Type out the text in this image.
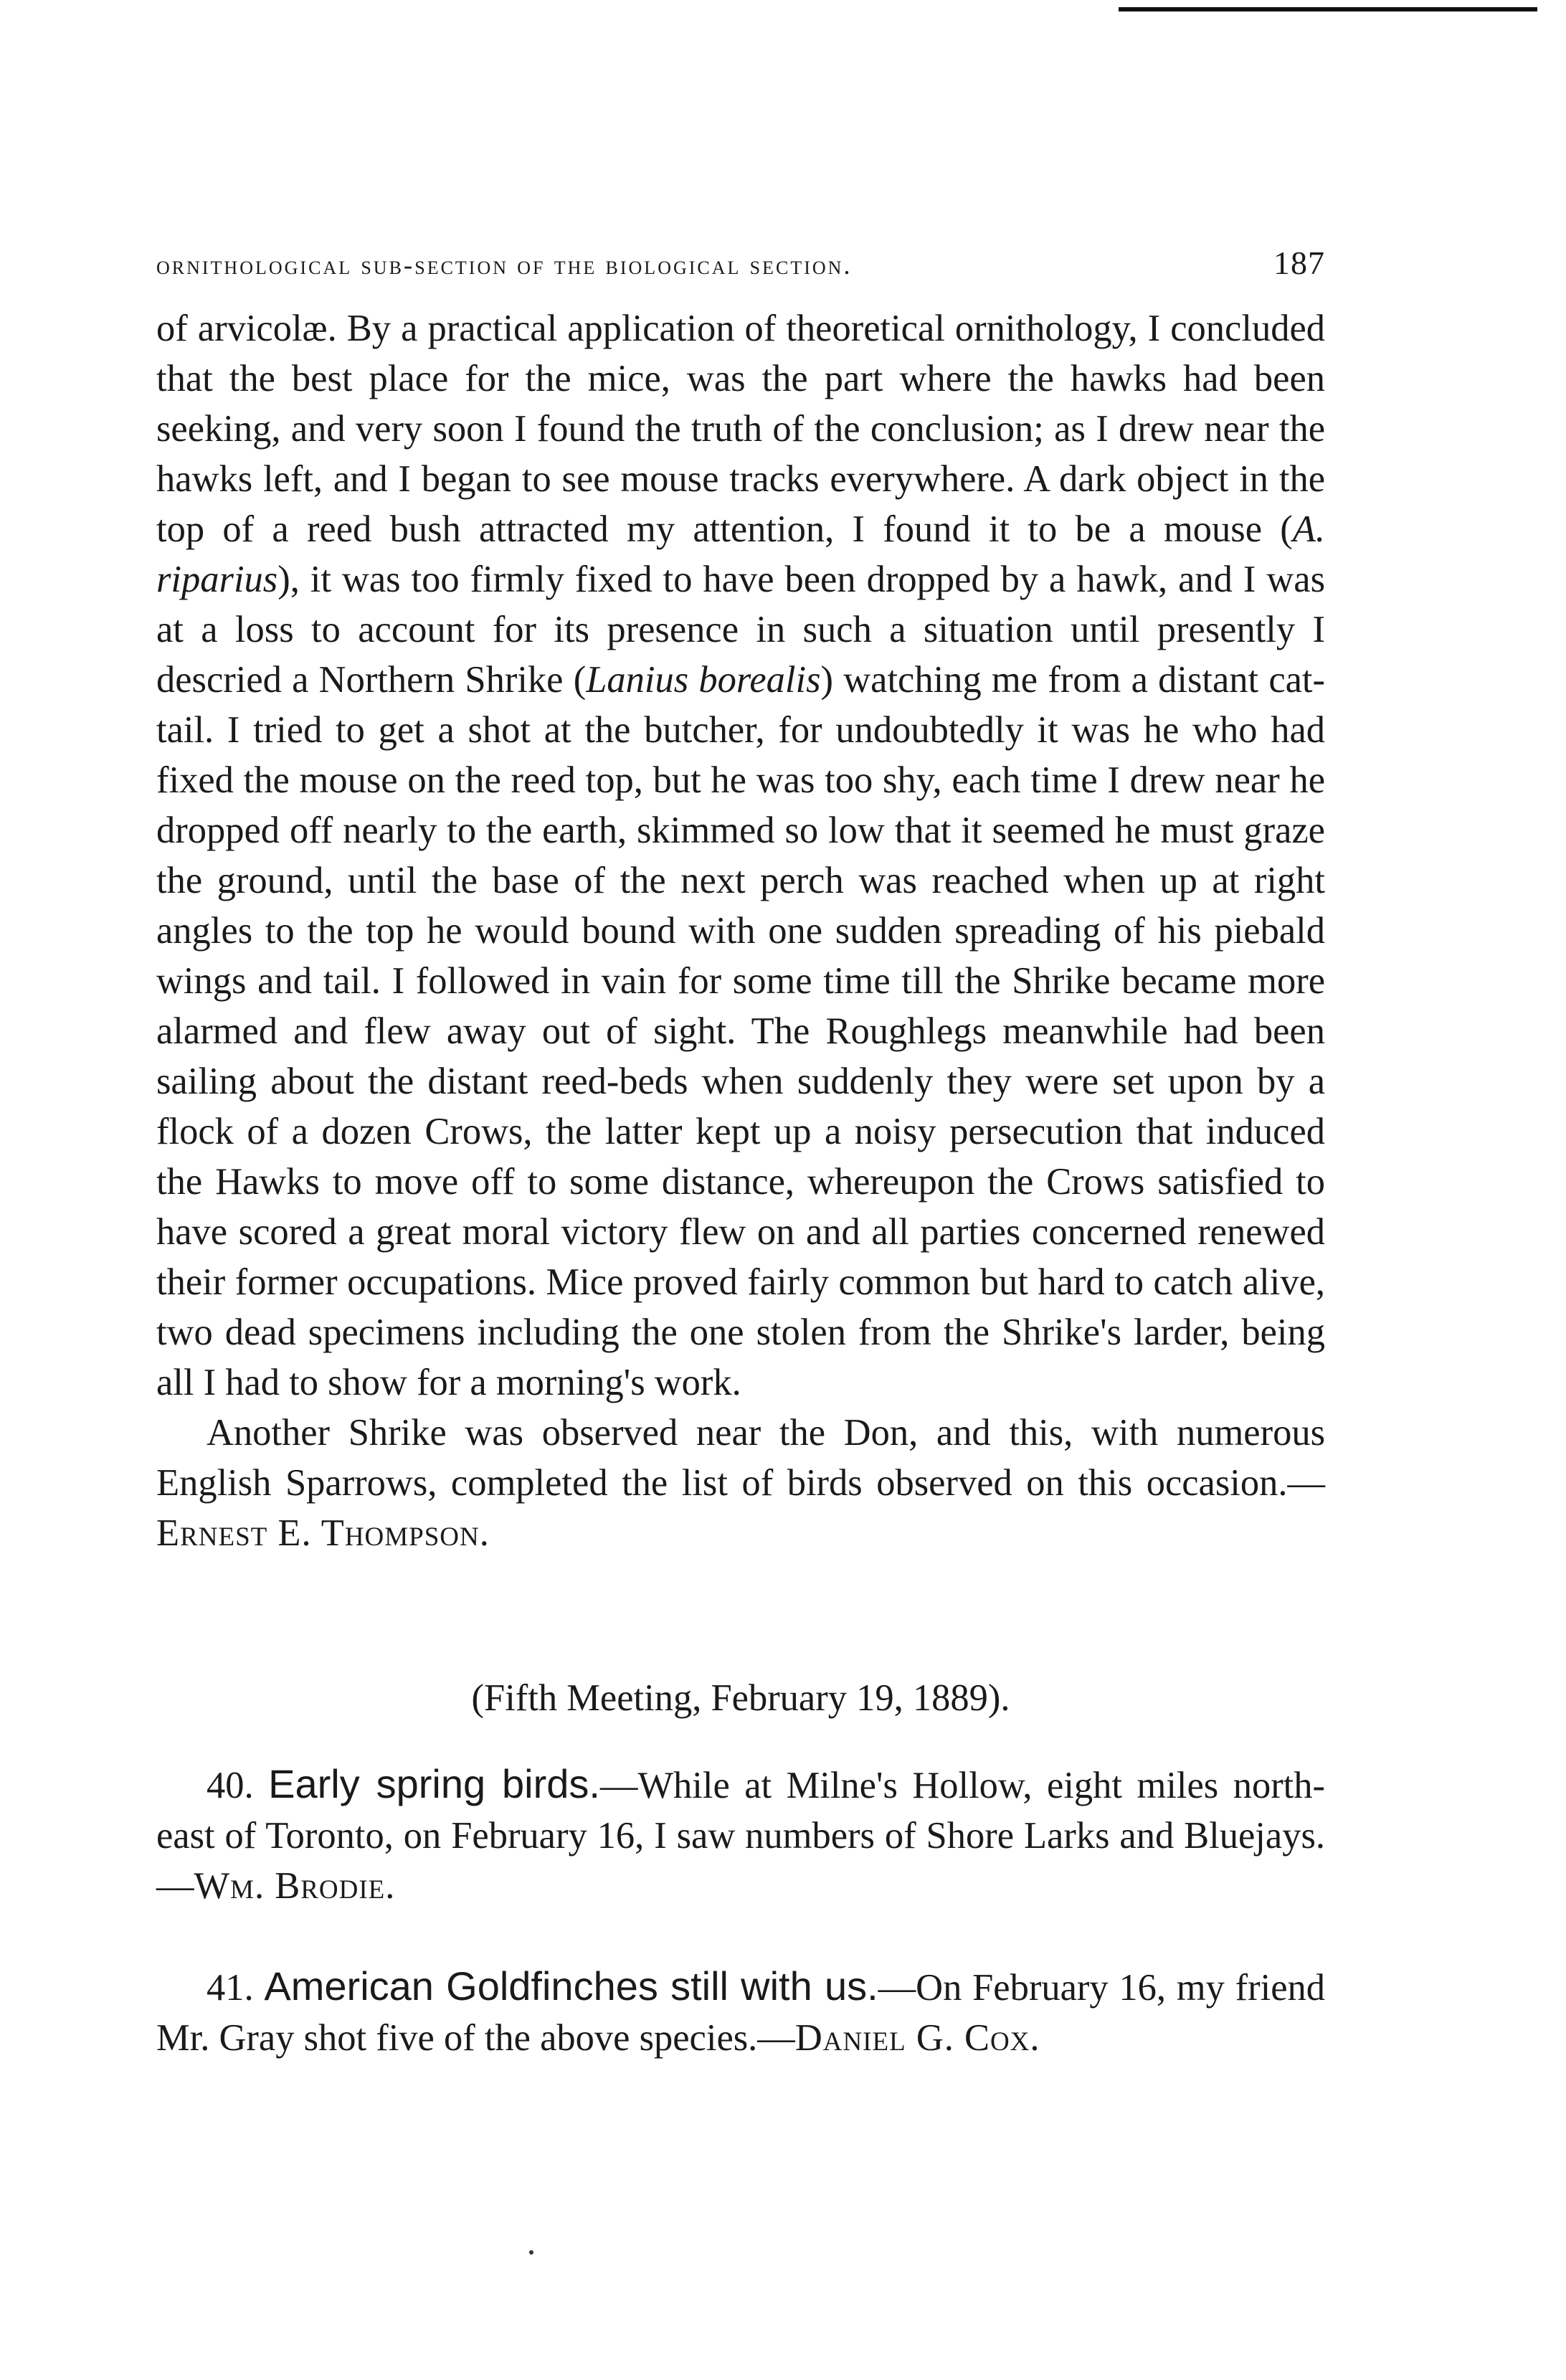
ornithological sub-section of the biological section.	187

of arvicolæ. By a practical application of theoretical ornithology, I concluded that the best place for the mice, was the part where the hawks had been seeking, and very soon I found the truth of the conclusion; as I drew near the hawks left, and I began to see mouse tracks everywhere. A dark object in the top of a reed bush attracted my attention, I found it to be a mouse (A. riparius), it was too firmly fixed to have been dropped by a hawk, and I was at a loss to account for its presence in such a situation until presently I descried a Northern Shrike (Lanius borealis) watching me from a distant cat-tail. I tried to get a shot at the butcher, for undoubtedly it was he who had fixed the mouse on the reed top, but he was too shy, each time I drew near he dropped off nearly to the earth, skimmed so low that it seemed he must graze the ground, until the base of the next perch was reached when up at right angles to the top he would bound with one sudden spreading of his piebald wings and tail. I followed in vain for some time till the Shrike became more alarmed and flew away out of sight. The Roughlegs meanwhile had been sailing about the distant reed-beds when suddenly they were set upon by a flock of a dozen Crows, the latter kept up a noisy persecution that induced the Hawks to move off to some distance, whereupon the Crows satisfied to have scored a great moral victory flew on and all parties concerned renewed their former occupations. Mice proved fairly common but hard to catch alive, two dead specimens including the one stolen from the Shrike's larder, being all I had to show for a morning's work.

Another Shrike was observed near the Don, and this, with numerous English Sparrows, completed the list of birds observed on this occasion.—Ernest E. Thompson.

(Fifth Meeting, February 19, 1889).

40. Early spring birds.—While at Milne's Hollow, eight miles north-east of Toronto, on February 16, I saw numbers of Shore Larks and Bluejays.—Wm. Brodie.

41. American Goldfinches still with us.—On February 16, my friend Mr. Gray shot five of the above species.—Daniel G. Cox.
